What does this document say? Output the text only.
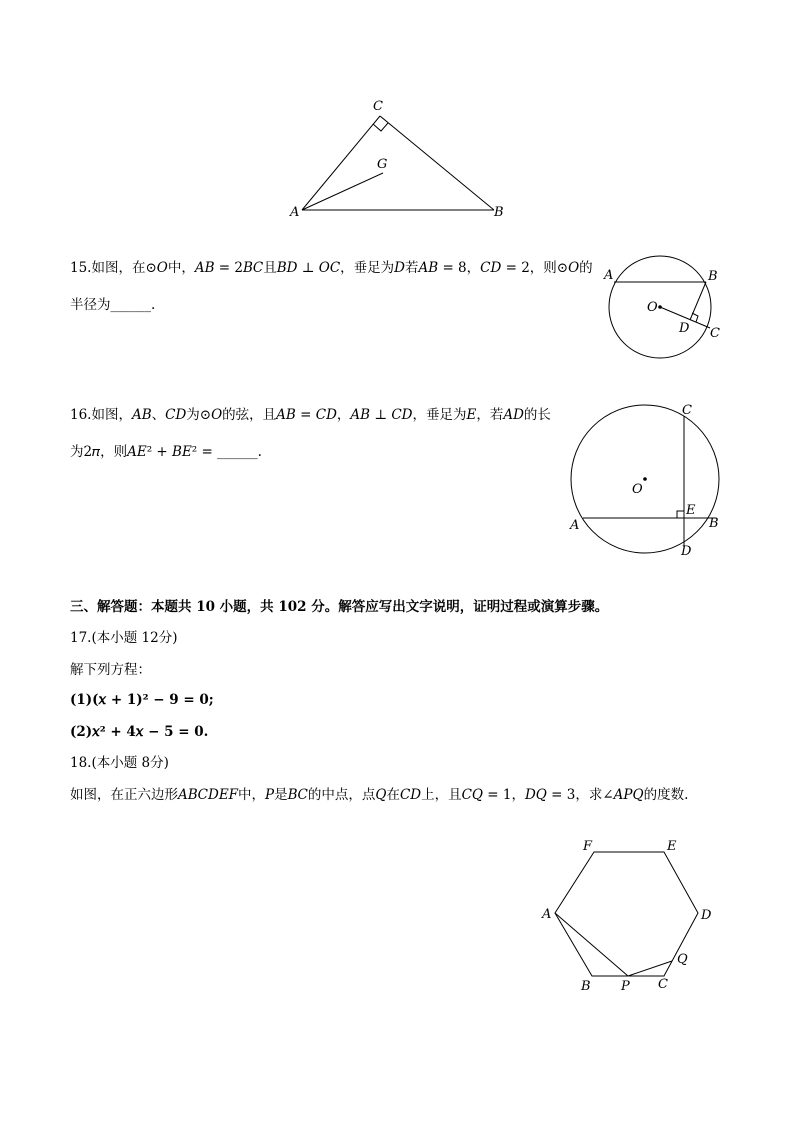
C
G
A	B
A	B
O
D C
C
O
E
A	B
D
F	E
A	D
Q
B P C
15.如图，在⊙𝑂中，𝐴𝐵 = 2𝐵𝐶且𝐵𝐷 ⊥ 𝑂𝐶，垂足为𝐷若𝐴𝐵 = 8，𝐶𝐷 = 2，则⊙𝑂的
半径为______.
16.如图，𝐴𝐵、𝐶𝐷为⊙𝑂的弦，且𝐴𝐵 = 𝐶𝐷，𝐴𝐵 ⊥ 𝐶𝐷，垂足为𝐸，若𝐴𝐷的长
为2𝜋，则𝐴𝐸² + 𝐵𝐸² = ______.
三、解答题：本题共 10 小题，共 102 分。解答应写出文字说明，证明过程或演算步骤。
17.(本小题 12分)
解下列方程：
(1)(𝑥 + 1)² − 9 = 0;
(2)𝑥² + 4𝑥 − 5 = 0.
18.(本小题 8分)
如图，在正六边形𝐴𝐵𝐶𝐷𝐸𝐹中，𝑃是𝐵𝐶的中点，点𝑄在𝐶𝐷上，且𝐶𝑄 = 1，𝐷𝑄 = 3，求∠𝐴𝑃𝑄的度数.
